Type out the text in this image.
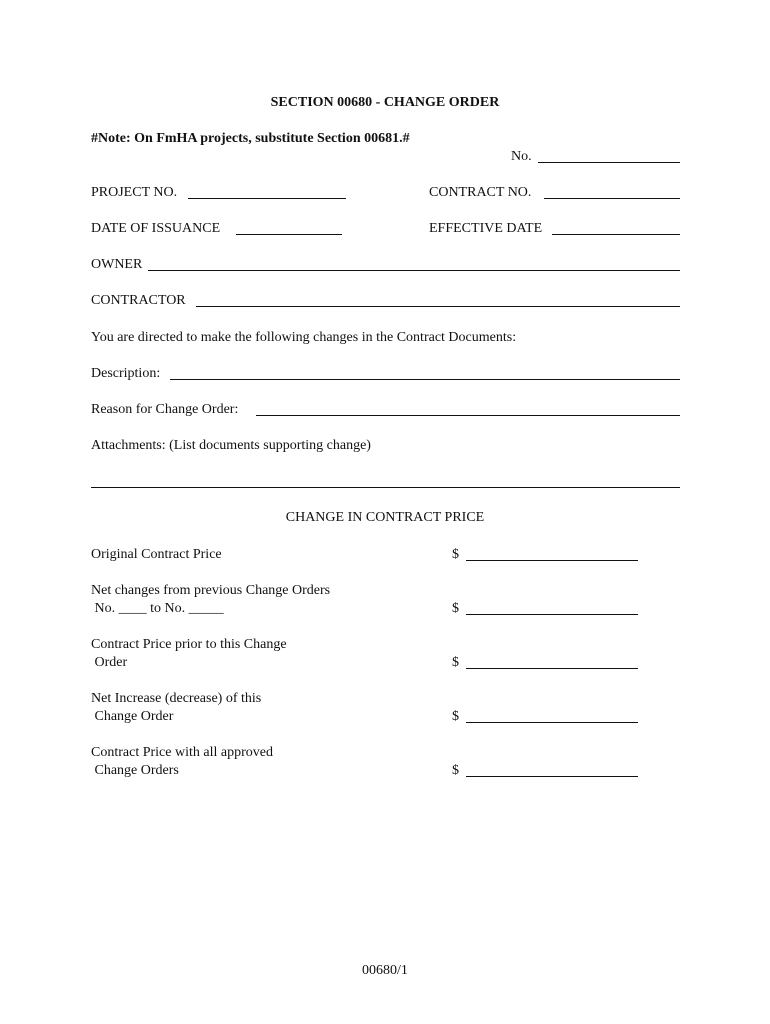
SECTION 00680 - CHANGE ORDER
#Note: On FmHA projects, substitute Section 00681.#
No.
PROJECT NO.	CONTRACT NO.
DATE OF ISSUANCE	EFFECTIVE DATE
OWNER
CONTRACTOR
You are directed to make the following changes in the Contract Documents:
Description:
Reason for Change Order:
Attachments: (List documents supporting change)
CHANGE IN CONTRACT PRICE
Original Contract Price	$
Net changes from previous Change Orders
No. ____ to No. _____	$
Contract Price prior to this Change
Order	$
Net Increase (decrease) of this
Change Order	$
Contract Price with all approved
Change Orders	$
00680/1
